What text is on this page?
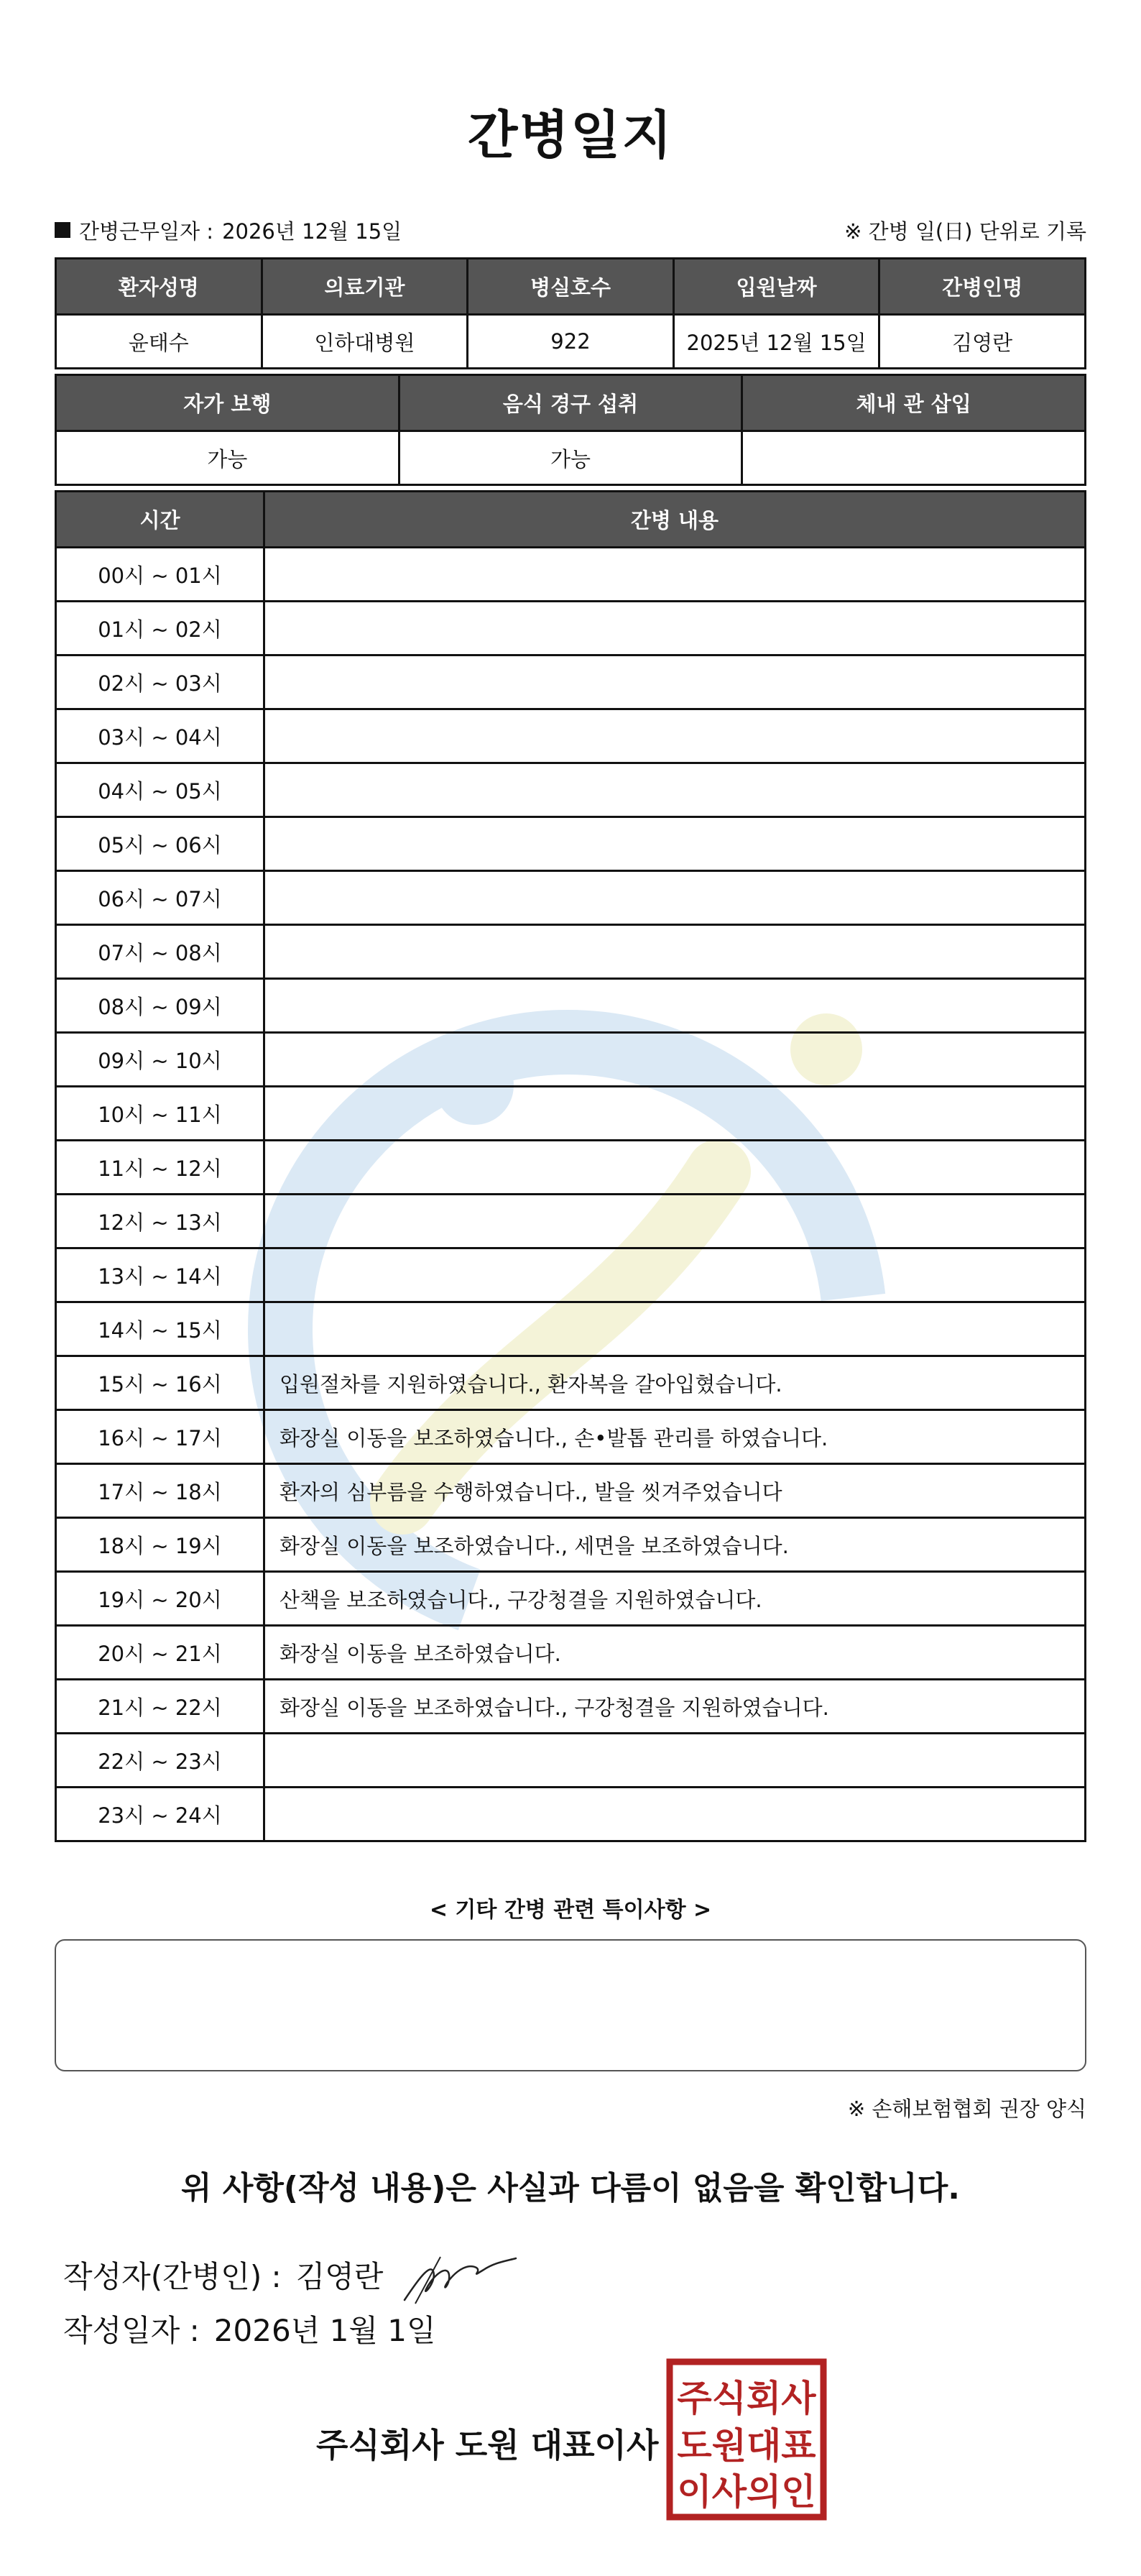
간병일지
간병근무일자 : 2026년 12월 15일	※ 간병 일(日) 단위로 기록
환자성명	의료기관	병실호수	입원날짜	간병인명
윤태수	인하대병원	922	2025년 12월 15일	김영란
자가 보행	음식 경구 섭취	체내 관 삽입
가능	가능	
시간	간병 내용
00시 ~ 01시	
01시 ~ 02시	
02시 ~ 03시	
03시 ~ 04시	
04시 ~ 05시	
05시 ~ 06시	
06시 ~ 07시	
07시 ~ 08시	
08시 ~ 09시	
09시 ~ 10시	
10시 ~ 11시	
11시 ~ 12시	
12시 ~ 13시	
13시 ~ 14시	
14시 ~ 15시	
15시 ~ 16시	입원절차를 지원하였습니다., 환자복을 갈아입혔습니다.
16시 ~ 17시	화장실 이동을 보조하였습니다., 손•발톱 관리를 하였습니다.
17시 ~ 18시	환자의 심부름을 수행하였습니다., 발을 씻겨주었습니다
18시 ~ 19시	화장실 이동을 보조하였습니다., 세면을 보조하였습니다.
19시 ~ 20시	산책을 보조하였습니다., 구강청결을 지원하였습니다.
20시 ~ 21시	화장실 이동을 보조하였습니다.
21시 ~ 22시	화장실 이동을 보조하였습니다., 구강청결을 지원하였습니다.
22시 ~ 23시	
23시 ~ 24시	
< 기타 간병 관련 특이사항 >
※ 손해보험협회 권장 양식
위 사항(작성 내용)은 사실과 다름이 없음을 확인합니다.
작성자(간병인) : 김영란
작성일자 : 2026년 1월 1일
주식회사 도원 대표이사
주식회사
도원대표
이사의인
